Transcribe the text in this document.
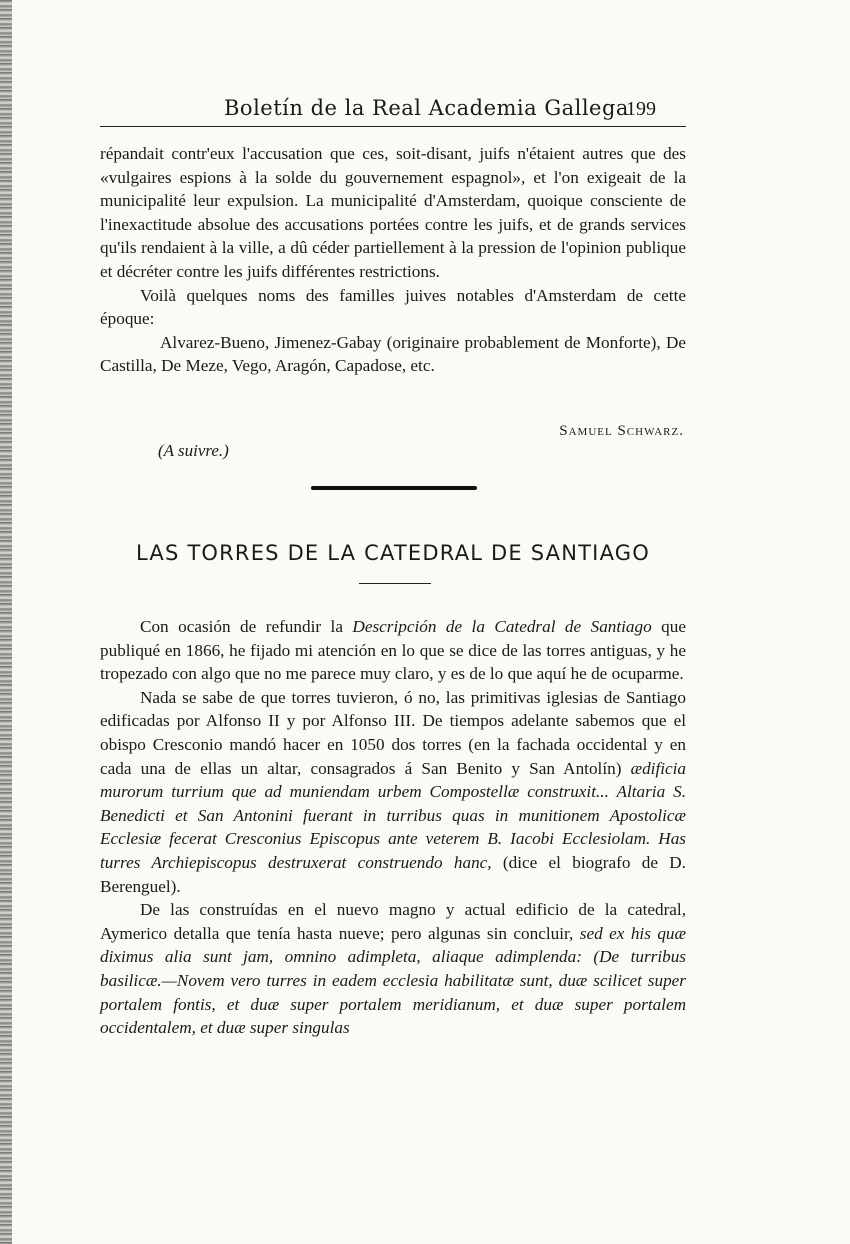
Boletín de la Real Academia Gallega
199

répandait contr'eux l'accusation que ces, soit-disant, juifs n'étaient autres que des «vulgaires espions à la solde du gouvernement espagnol», et l'on exigeait de la municipalité leur expulsion. La municipalité d'Amsterdam, quoique consciente de l'inexactitude absolue des accusations portées contre les juifs, et de grands services qu'ils rendaient à la ville, a dû céder partiellement à la pression de l'opinion publique et décréter contre les juifs différentes restrictions.

Voilà quelques noms des familles juives notables d'Amsterdam de cette époque:

Alvarez-Bueno, Jimenez-Gabay (originaire probablement de Monforte), De Castilla, De Meze, Vego, Aragón, Capadose, etc.

Samuel Schwarz.
(A suivre.)
LAS TORRES DE LA CATEDRAL DE SANTIAGO

Con ocasión de refundir la Descripción de la Catedral de Santiago que publiqué en 1866, he fijado mi atención en lo que se dice de las torres antiguas, y he tropezado con algo que no me parece muy claro, y es de lo que aquí he de ocuparme.

Nada se sabe de que torres tuvieron, ó no, las primitivas iglesias de Santiago edificadas por Alfonso II y por Alfonso III. De tiempos adelante sabemos que el obispo Cresconio mandó hacer en 1050 dos torres (en la fachada occidental y en cada una de ellas un altar, consagrados á San Benito y San Antolín) ædificia murorum turrium que ad muniendam urbem Compostellæ construxit... Altaria S. Benedicti et San Antonini fuerant in turribus quas in munitionem Apostolicæ Ecclesiæ fecerat Cresconius Episcopus ante veterem B. Iacobi Ecclesiolam. Has turres Archiepiscopus destruxerat construendo hanc, (dice el biografo de D. Berenguel).

De las construídas en el nuevo magno y actual edificio de la catedral, Aymerico detalla que tenía hasta nueve; pero algunas sin concluir, sed ex his quæ diximus alia sunt jam, omnino adimpleta, aliaque adimplenda: (De turribus basilicæ.—Novem vero turres in eadem ecclesia habilitatæ sunt, duæ scilicet super portalem fontis, et duæ super portalem meridianum, et duæ super portalem occidentalem, et duæ super singulas
